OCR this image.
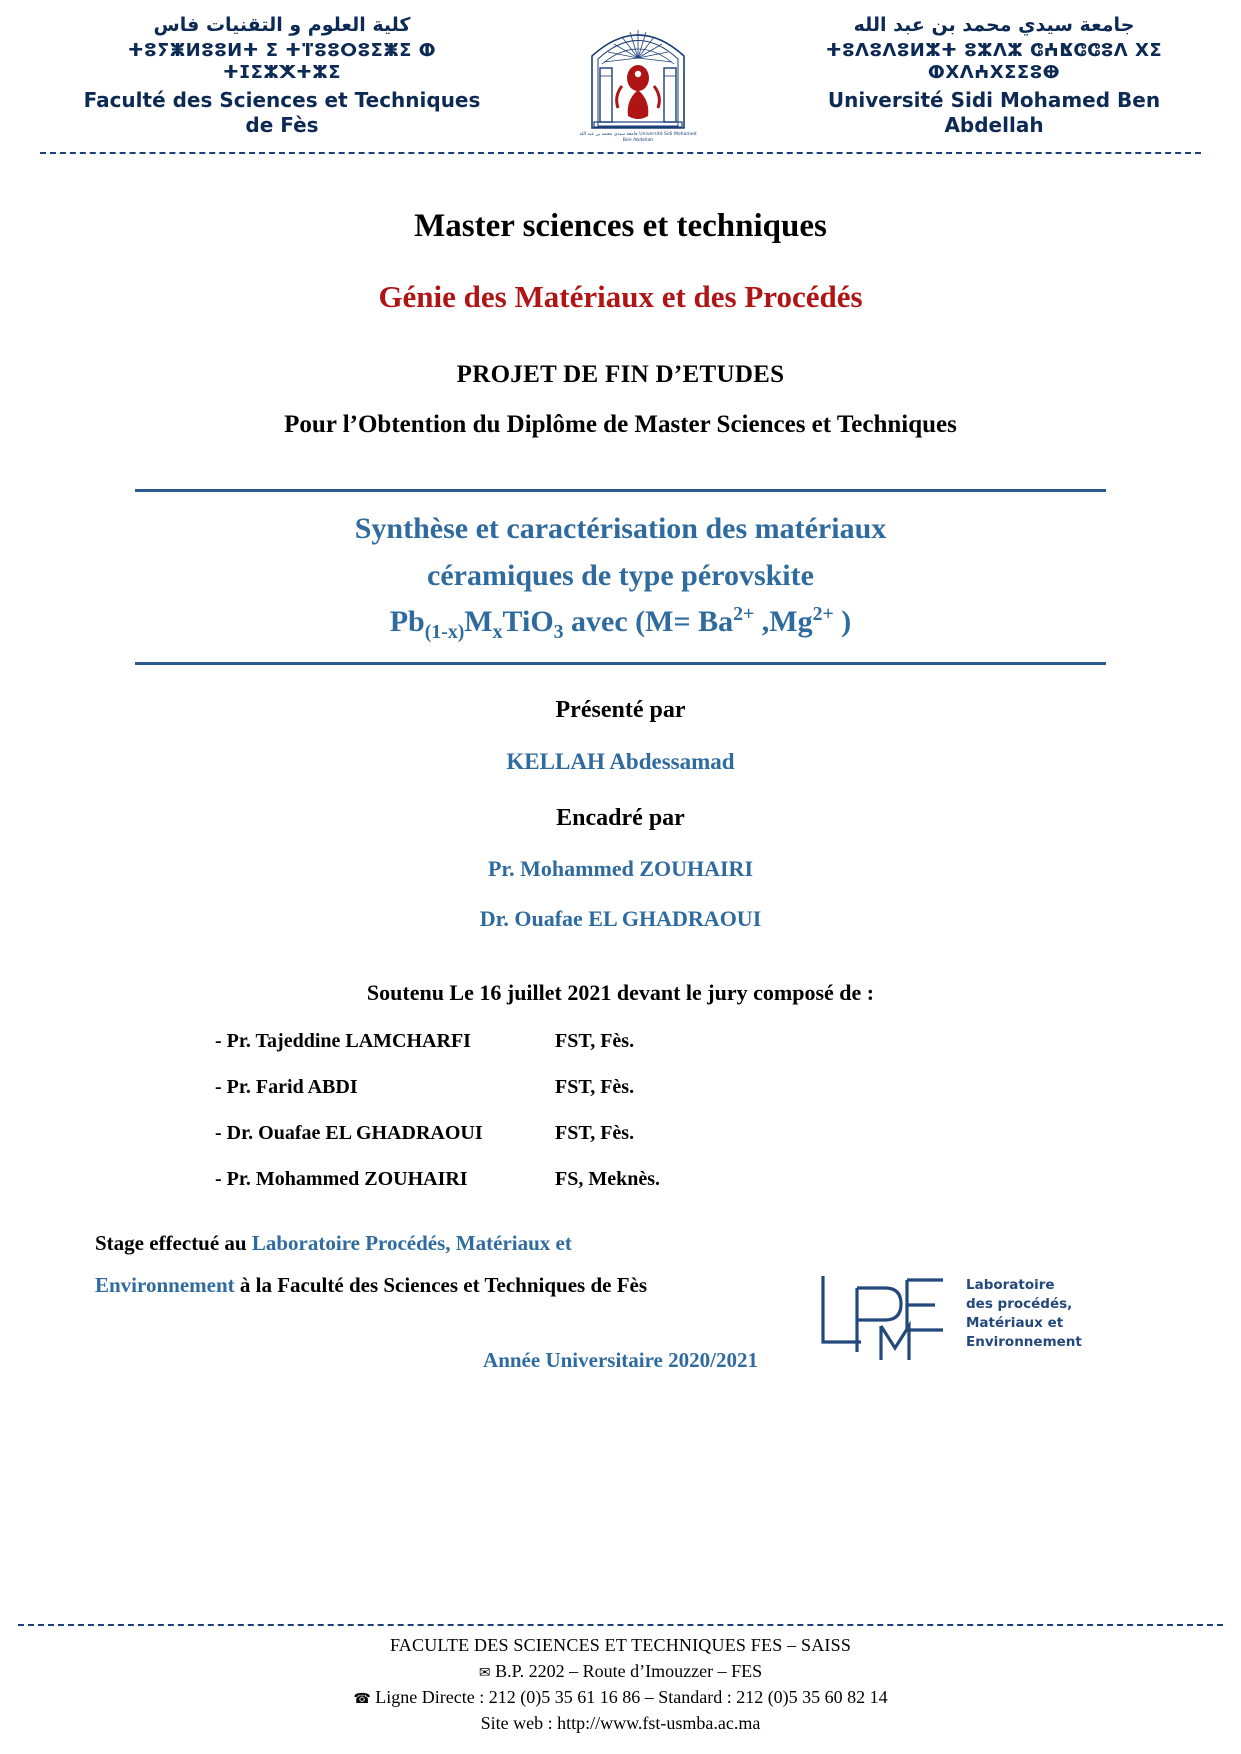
كلية العلوم و التقنيات فاس
ⵜⵓⵢⵥⵍⵓⵓⵍⵜ ⵉ ⵜⴶⵓⵓⵔⵓⵉⵥⵉ ⵀ ⵜⵊⵉⵣⵅⵜⵣⵉ
Faculté des Sciences et Techniques de Fès	جامعة سيدي محمد بن عبد الله Université Sidi Mohamed Ben Abdellah
جامعة سيدي محمد بن عبد الله
ⵜⵓⴷⵓⴷⵓⵍⵣⵜ ⵓⵣⴷⵣ ⵛⵄⴿⵛⵛⵓⴷ ⵝⵉ ⵀⵝⴷⵄⵝⵉⵉⵓⴲ
Université Sidi Mohamed Ben Abdellah
Master sciences et techniques
Génie des Matériaux et des Procédés
PROJET DE FIN D’ETUDES
Pour l’Obtention du Diplôme de Master Sciences et Techniques
Synthèse et caractérisation des matériaux
céramiques de type pérovskite
$Pb_{(1-x)}M_xTiO_3$ avec ($M= Ba^{2+}$ $,Mg^{2+}$ )
Présenté par
KELLAH Abdessamad
Encadré par
Pr. Mohammed ZOUHAIRI
Dr. Ouafae EL GHADRAOUI
Soutenu Le 16 juillet 2021 devant le jury composé de :
- Pr. Tajeddine LAMCHARFI	FST, Fès.
- Pr. Farid ABDI	FST, Fès.
- Dr. Ouafae EL GHADRAOUI	FST, Fès.
- Pr. Mohammed ZOUHAIRI	FS, Meknès.
Stage effectué au Laboratoire Procédés, Matériaux et
Environnement à la Faculté des Sciences et Techniques de Fès
Année Universitaire 2020/2021
Laboratoire
des procédés,
Matériaux et
Environnement
FACULTE DES SCIENCES ET TECHNIQUES FES – SAISS
✉ B.P. 2202 – Route d’Imouzzer – FES
☎ Ligne Directe : 212 (0)5 35 61 16 86 – Standard : 212 (0)5 35 60 82 14
Site web : http://www.fst-usmba.ac.ma
